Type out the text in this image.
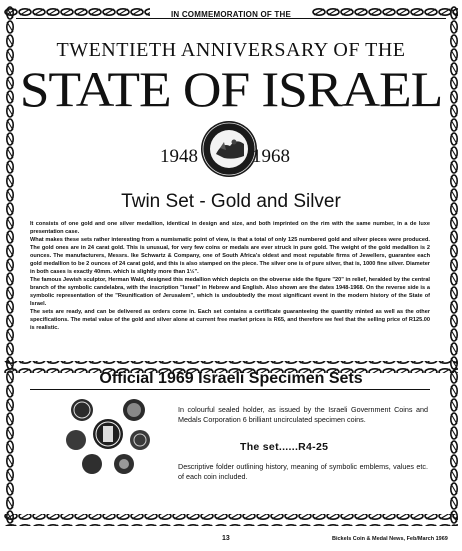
IN COMMEMORATION OF THE
TWENTIETH ANNIVERSARY OF THE
STATE OF ISRAEL
1948	1968
Twin Set - Gold and Silver

It consists of one gold and one silver medallion, identical in design and size, and both imprinted on the rim with the same number, in a de luxe presentation case.

What makes these sets rather interesting from a numismatic point of view, is that a total of only 125 numbered gold and silver pieces were produced. The gold ones are in 24 carat gold. This is unusual, for very few coins or medals are ever struck in pure gold. The weight of the gold medallion is 2 ounces. The manufacturers, Messrs. Ike Schwartz & Company, one of South Africa's oldest and most reputable firms of Jewellers, guarantee each gold medallion to be 2 ounces of 24 carat gold, and this is also stamped on the piece. The silver one is of pure silver, that is, 1000 fine silver. Diameter in both cases is exactly 40mm. which is slightly more than 1½".

The famous Jewish sculptor, Herman Wald, designed this medallion which depicts on the obverse side the figure "20" in relief, heralded by the central branch of the symbolic candelabra, with the inscription "Israel" in Hebrew and English. Also shown are the dates 1948-1968. On the reverse side is a symbolic representation of the "Reunification of Jerusalem", which is undoubtedly the most significant event in the modern history of the State of Israel.

The sets are ready, and can be delivered as orders come in. Each set contains a certificate guaranteeing the quantity minted as well as the other specifications. The metal value of the gold and silver alone at current free market prices is R65, and therefore we feel that the selling price of R125.00 is realistic.

Official 1969 Israeli Specimen Sets
In colourful sealed holder, as issued by the Israeli Government Coins and Medals Corporation 6 brilliant uncirculated specimen coins.
The set......R4-25
Descriptive folder outlining history, meaning of symbolic emblems, values etc. of each coin included.
13	Bickels Coin & Medal News, Feb/March 1969
